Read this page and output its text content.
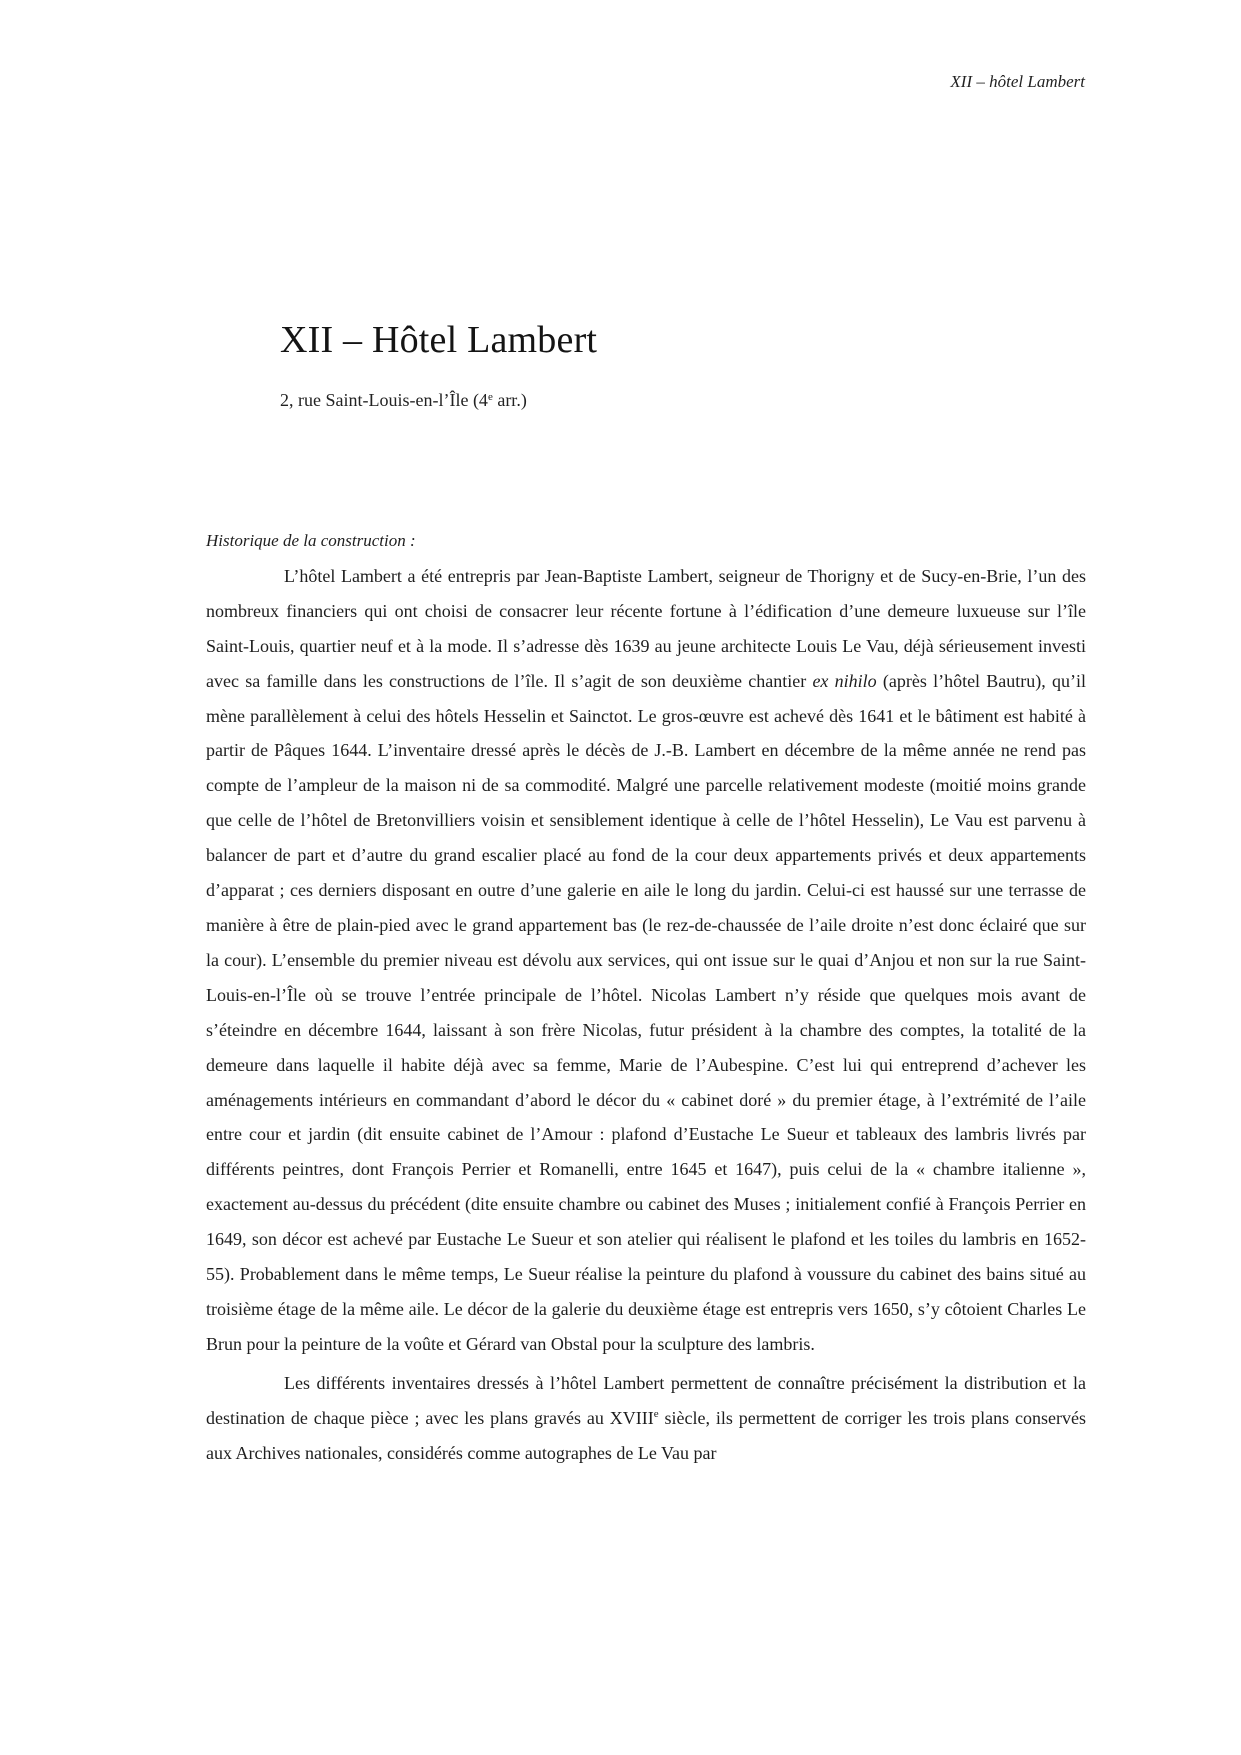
XII – hôtel Lambert
XII – Hôtel Lambert

2, rue Saint-Louis-en-l’Île (4e arr.)

Historique de la construction :

L’hôtel Lambert a été entrepris par Jean-Baptiste Lambert, seigneur de Thorigny et de Sucy-en-Brie, l’un des nombreux financiers qui ont choisi de consacrer leur récente fortune à l’édification d’une demeure luxueuse sur l’île Saint-Louis, quartier neuf et à la mode. Il s’adresse dès 1639 au jeune architecte Louis Le Vau, déjà sérieusement investi avec sa famille dans les constructions de l’île. Il s’agit de son deuxième chantier ex nihilo (après l’hôtel Bautru), qu’il mène parallèlement à celui des hôtels Hesselin et Sainctot. Le gros-œuvre est achevé dès 1641 et le bâtiment est habité à partir de Pâques 1644. L’inventaire dressé après le décès de J.-B. Lambert en décembre de la même année ne rend pas compte de l’ampleur de la maison ni de sa commodité. Malgré une parcelle relativement modeste (moitié moins grande que celle de l’hôtel de Bretonvilliers voisin et sensiblement identique à celle de l’hôtel Hesselin), Le Vau est parvenu à balancer de part et d’autre du grand escalier placé au fond de la cour deux appartements privés et deux appartements d’apparat ; ces derniers disposant en outre d’une galerie en aile le long du jardin. Celui-ci est haussé sur une terrasse de manière à être de plain-pied avec le grand appartement bas (le rez-de-chaussée de l’aile droite n’est donc éclairé que sur la cour). L’ensemble du premier niveau est dévolu aux services, qui ont issue sur le quai d’Anjou et non sur la rue Saint-Louis-en-l’Île où se trouve l’entrée principale de l’hôtel. Nicolas Lambert n’y réside que quelques mois avant de s’éteindre en décembre 1644, laissant à son frère Nicolas, futur président à la chambre des comptes, la totalité de la demeure dans laquelle il habite déjà avec sa femme, Marie de l’Aubespine. C’est lui qui entreprend d’achever les aménagements intérieurs en commandant d’abord le décor du « cabinet doré » du premier étage, à l’extrémité de l’aile entre cour et jardin (dit ensuite cabinet de l’Amour : plafond d’Eustache Le Sueur et tableaux des lambris livrés par différents peintres, dont François Perrier et Romanelli, entre 1645 et 1647), puis celui de la « chambre italienne », exactement au-dessus du précédent (dite ensuite chambre ou cabinet des Muses ; initialement confié à François Perrier en 1649, son décor est achevé par Eustache Le Sueur et son atelier qui réalisent le plafond et les toiles du lambris en 1652-55). Probablement dans le même temps, Le Sueur réalise la peinture du plafond à voussure du cabinet des bains situé au troisième étage de la même aile. Le décor de la galerie du deuxième étage est entrepris vers 1650, s’y côtoient Charles Le Brun pour la peinture de la voûte et Gérard van Obstal pour la sculpture des lambris.

Les différents inventaires dressés à l’hôtel Lambert permettent de connaître précisément la distribution et la destination de chaque pièce ; avec les plans gravés au XVIIIe siècle, ils permettent de corriger les trois plans conservés aux Archives nationales, considérés comme autographes de Le Vau par
